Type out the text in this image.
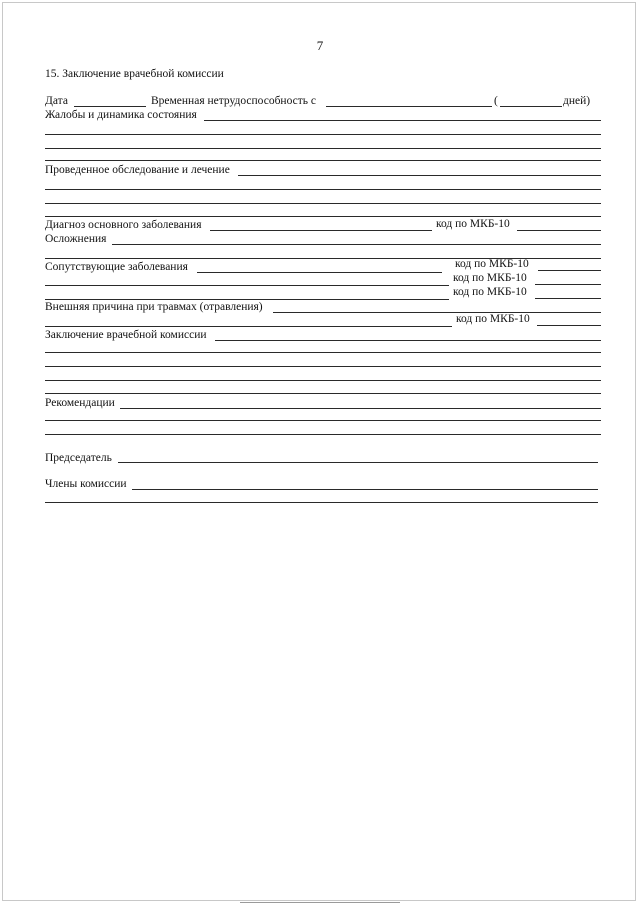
7
15. Заключение врачебной комиссии
Дата	Временная нетрудоспособность с	(	дней)
Жалобы и динамика состояния
Проведенное обследование и лечение
Диагноз основного заболевания	код по МКБ-10
Осложнения
Сопутствующие заболевания	код по МКБ-10
код по МКБ-10
код по МКБ-10
Внешняя причина при травмах (отравления)
код по МКБ-10
Заключение врачебной комиссии
Рекомендации
Председатель
Члены комиссии
